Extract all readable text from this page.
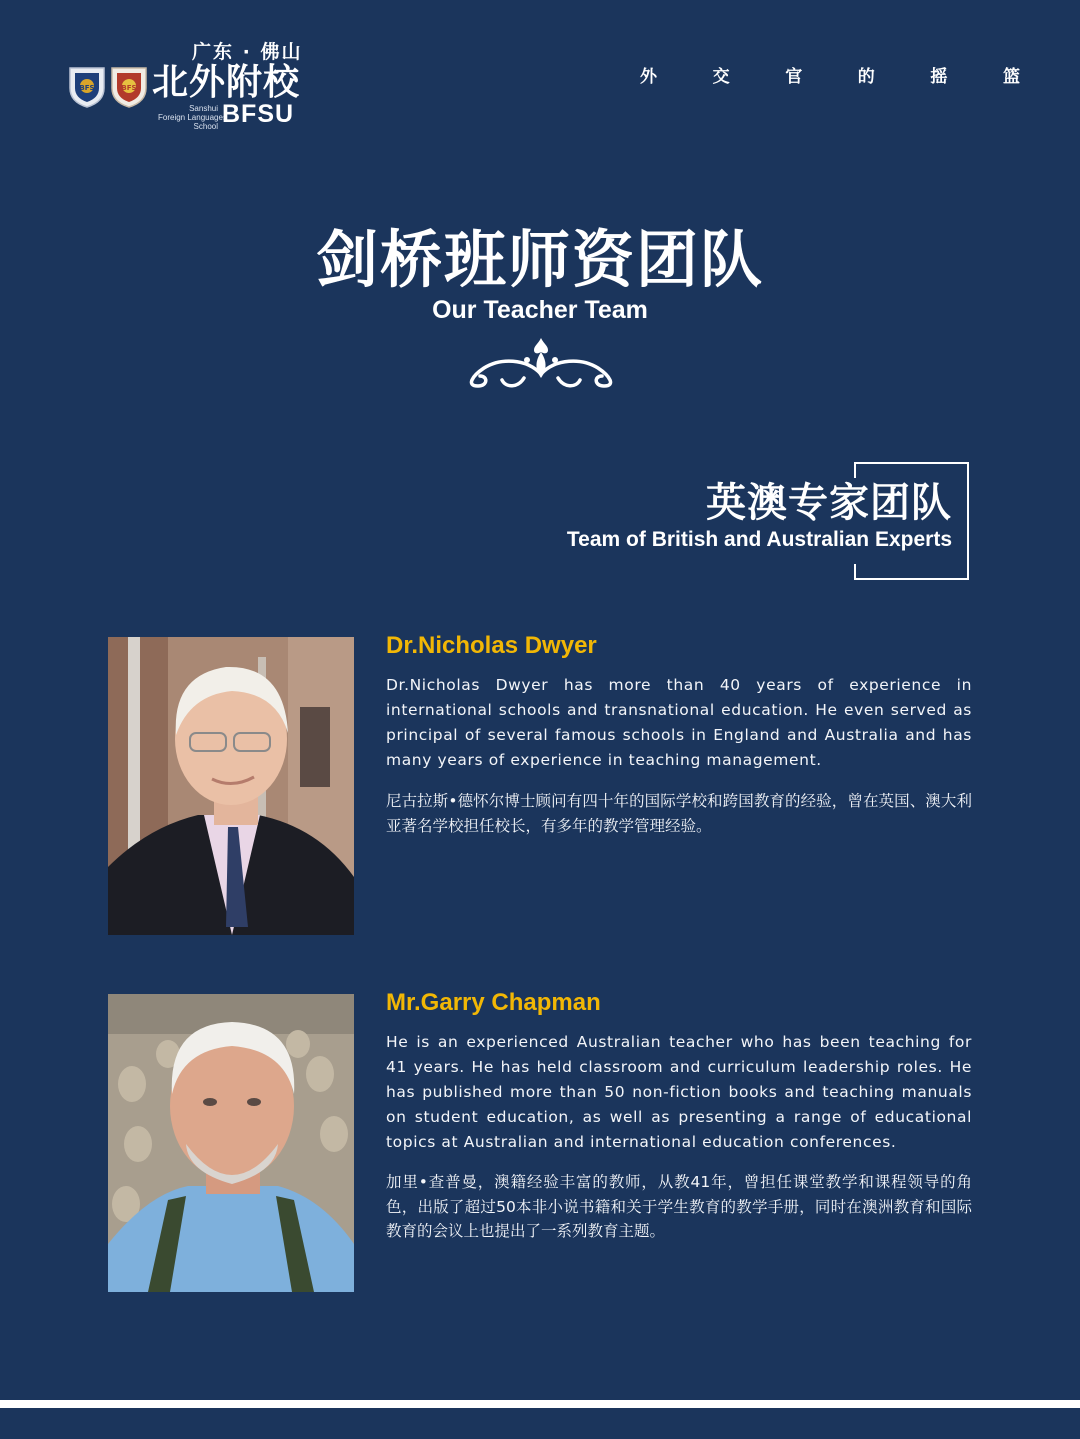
BFS	BFS
广东 · 佛山
北外附校
Sanshui
Foreign Languages
School BFSU
外	交	官	的	摇	篮
剑桥班师资团队
Our Teacher Team
英澳专家团队
Team of British and Australian Experts
Dr.Nicholas Dwyer
Dr.Nicholas Dwyer has more than 40 years of experience in international schools and transnational education. He even served as principal of several famous schools in England and Australia and has many years of experience in teaching management.
尼古拉斯•德怀尔博士顾问有四十年的国际学校和跨国教育的经验，曾在英国、澳大利亚著名学校担任校长，有多年的教学管理经验。
Mr.Garry Chapman
He is an experienced Australian teacher who has been teaching for 41 years. He has held classroom and curriculum leadership roles. He has published more than 50 non-fiction books and teaching manuals on student education, as well as presenting a range of educational topics at Australian and international education conferences.
加里•查普曼，澳籍经验丰富的教师，从教41年，曾担任课堂教学和课程领导的角色，出版了超过50本非小说书籍和关于学生教育的教学手册，同时在澳洲教育和国际教育的会议上也提出了一系列教育主题。
